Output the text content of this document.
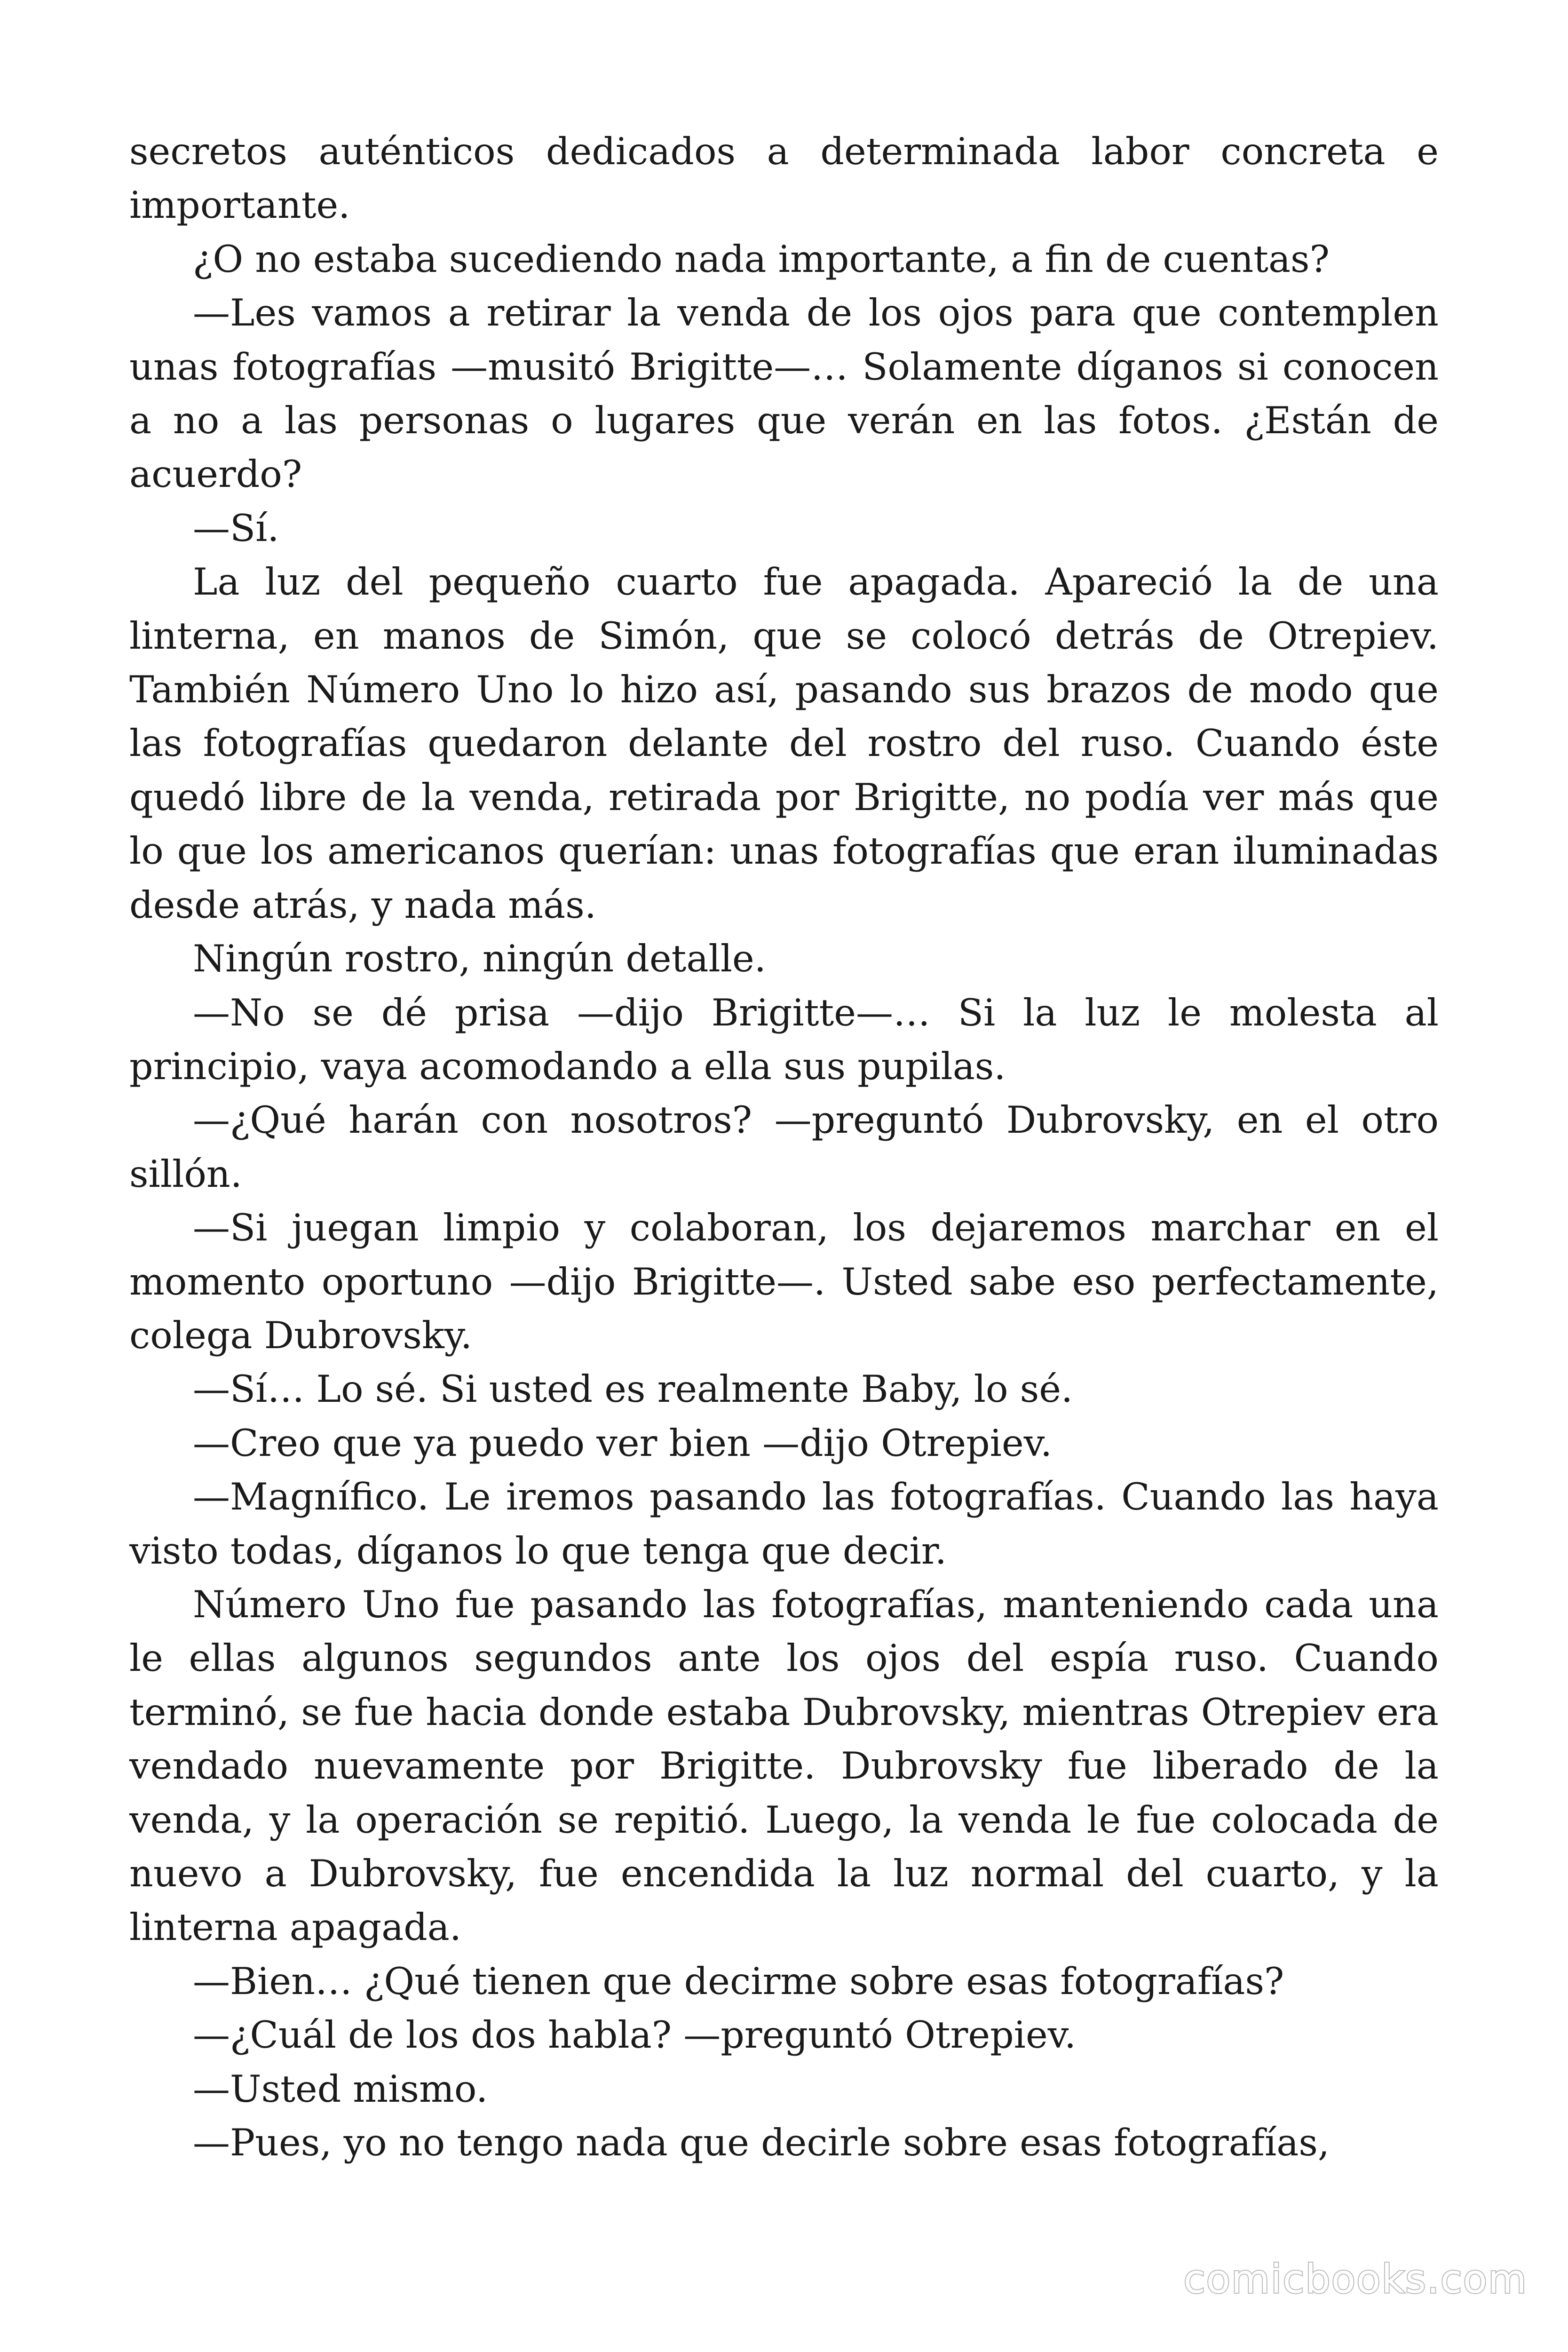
secretos auténticos dedicados a determinada labor concreta e importante.

¿O no estaba sucediendo nada importante, a fin de cuentas?

—Les vamos a retirar la venda de los ojos para que contemplen unas fotografías —musitó Brigitte—… Solamente díganos si conocen a no a las personas o lugares que verán en las fotos. ¿Están de acuerdo?

—Sí.

La luz del pequeño cuarto fue apagada. Apareció la de una linterna, en manos de Simón, que se colocó detrás de Otrepiev. También Número Uno lo hizo así, pasando sus brazos de modo que las fotografías quedaron delante del rostro del ruso. Cuando éste quedó libre de la venda, retirada por Brigitte, no podía ver más que lo que los americanos querían: unas fotografías que eran iluminadas desde atrás, y nada más.

Ningún rostro, ningún detalle.

—No se dé prisa —dijo Brigitte—… Si la luz le molesta al principio, vaya acomodando a ella sus pupilas.

—¿Qué harán con nosotros? —preguntó Dubrovsky, en el otro sillón.

—Si juegan limpio y colaboran, los dejaremos marchar en el momento oportuno —dijo Brigitte—. Usted sabe eso perfectamente, colega Dubrovsky.

—Sí… Lo sé. Si usted es realmente Baby, lo sé.

—Creo que ya puedo ver bien —dijo Otrepiev.

—Magnífico. Le iremos pasando las fotografías. Cuando las haya visto todas, díganos lo que tenga que decir.

Número Uno fue pasando las fotografías, manteniendo cada una le ellas algunos segundos ante los ojos del espía ruso. Cuando terminó, se fue hacia donde estaba Dubrovsky, mientras Otrepiev era vendado nuevamente por Brigitte. Dubrovsky fue liberado de la venda, y la operación se repitió. Luego, la venda le fue colocada de nuevo a Dubrovsky, fue encendida la luz normal del cuarto, y la linterna apagada.

—Bien… ¿Qué tienen que decirme sobre esas fotografías?

—¿Cuál de los dos habla? —preguntó Otrepiev.

—Usted mismo.

—Pues, yo no tengo nada que decirle sobre esas fotografías,

comicbooks.com
